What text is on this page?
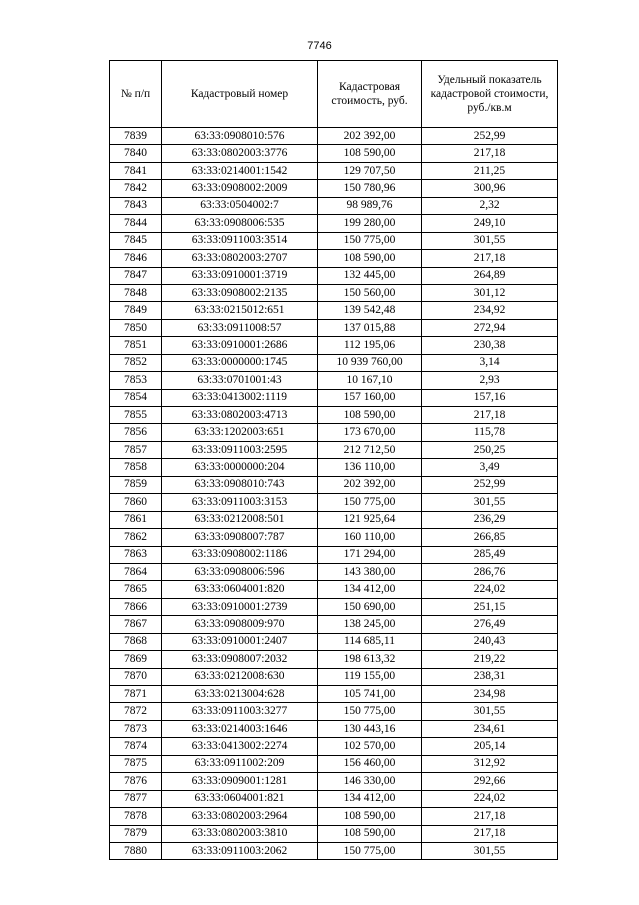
7746
№ п/п	Кадастровый номер	Кадастровая стоимость, руб.	Удельный показатель кадастровой стоимости, руб./кв.м
7839	63:33:0908010:576	202 392,00	252,99
7840	63:33:0802003:3776	108 590,00	217,18
7841	63:33:0214001:1542	129 707,50	211,25
7842	63:33:0908002:2009	150 780,96	300,96
7843	63:33:0504002:7	98 989,76	2,32
7844	63:33:0908006:535	199 280,00	249,10
7845	63:33:0911003:3514	150 775,00	301,55
7846	63:33:0802003:2707	108 590,00	217,18
7847	63:33:0910001:3719	132 445,00	264,89
7848	63:33:0908002:2135	150 560,00	301,12
7849	63:33:0215012:651	139 542,48	234,92
7850	63:33:0911008:57	137 015,88	272,94
7851	63:33:0910001:2686	112 195,06	230,38
7852	63:33:0000000:1745	10 939 760,00	3,14
7853	63:33:0701001:43	10 167,10	2,93
7854	63:33:0413002:1119	157 160,00	157,16
7855	63:33:0802003:4713	108 590,00	217,18
7856	63:33:1202003:651	173 670,00	115,78
7857	63:33:0911003:2595	212 712,50	250,25
7858	63:33:0000000:204	136 110,00	3,49
7859	63:33:0908010:743	202 392,00	252,99
7860	63:33:0911003:3153	150 775,00	301,55
7861	63:33:0212008:501	121 925,64	236,29
7862	63:33:0908007:787	160 110,00	266,85
7863	63:33:0908002:1186	171 294,00	285,49
7864	63:33:0908006:596	143 380,00	286,76
7865	63:33:0604001:820	134 412,00	224,02
7866	63:33:0910001:2739	150 690,00	251,15
7867	63:33:0908009:970	138 245,00	276,49
7868	63:33:0910001:2407	114 685,11	240,43
7869	63:33:0908007:2032	198 613,32	219,22
7870	63:33:0212008:630	119 155,00	238,31
7871	63:33:0213004:628	105 741,00	234,98
7872	63:33:0911003:3277	150 775,00	301,55
7873	63:33:0214003:1646	130 443,16	234,61
7874	63:33:0413002:2274	102 570,00	205,14
7875	63:33:0911002:209	156 460,00	312,92
7876	63:33:0909001:1281	146 330,00	292,66
7877	63:33:0604001:821	134 412,00	224,02
7878	63:33:0802003:2964	108 590,00	217,18
7879	63:33:0802003:3810	108 590,00	217,18
7880	63:33:0911003:2062	150 775,00	301,55
